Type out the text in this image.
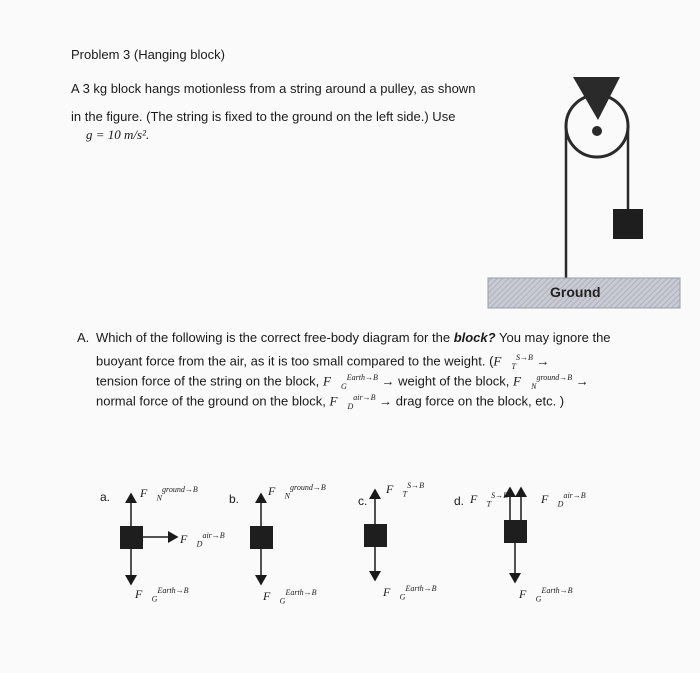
Problem 3 (Hanging block)
A 3 kg block hangs motionless from a string around a pulley, as shown
in the figure. (The string is fixed to the ground on the left side.) Use
g = 10 m/s².
Ground
A. Which of the following is the correct free-body diagram for the block? You may ignore the
buoyant force from the air, as it is too small compared to the weight. ($F⃗_T^{S\to B}$ →
tension force of the string on the block, $F⃗_G^{Earth\to B}$ → weight of the block, $F⃗_N^{ground\to B}$ →
normal force of the ground on the block, $F⃗_D^{air\to B}$ → drag force on the block, etc. )
a.	b.	c.	d.
$F⃗_N^{ground\to B}$
$F⃗_D^{air\to B}$
$F⃗_G^{Earth\to B}$
$F⃗_N^{ground\to B}$
$F⃗_G^{Earth\to B}$
$F⃗_T^{S\to B}$
$F⃗_G^{Earth\to B}$
$F⃗_T^{S\to B}$	$F⃗_D^{air\to B}$
$F⃗_G^{Earth\to B}$
